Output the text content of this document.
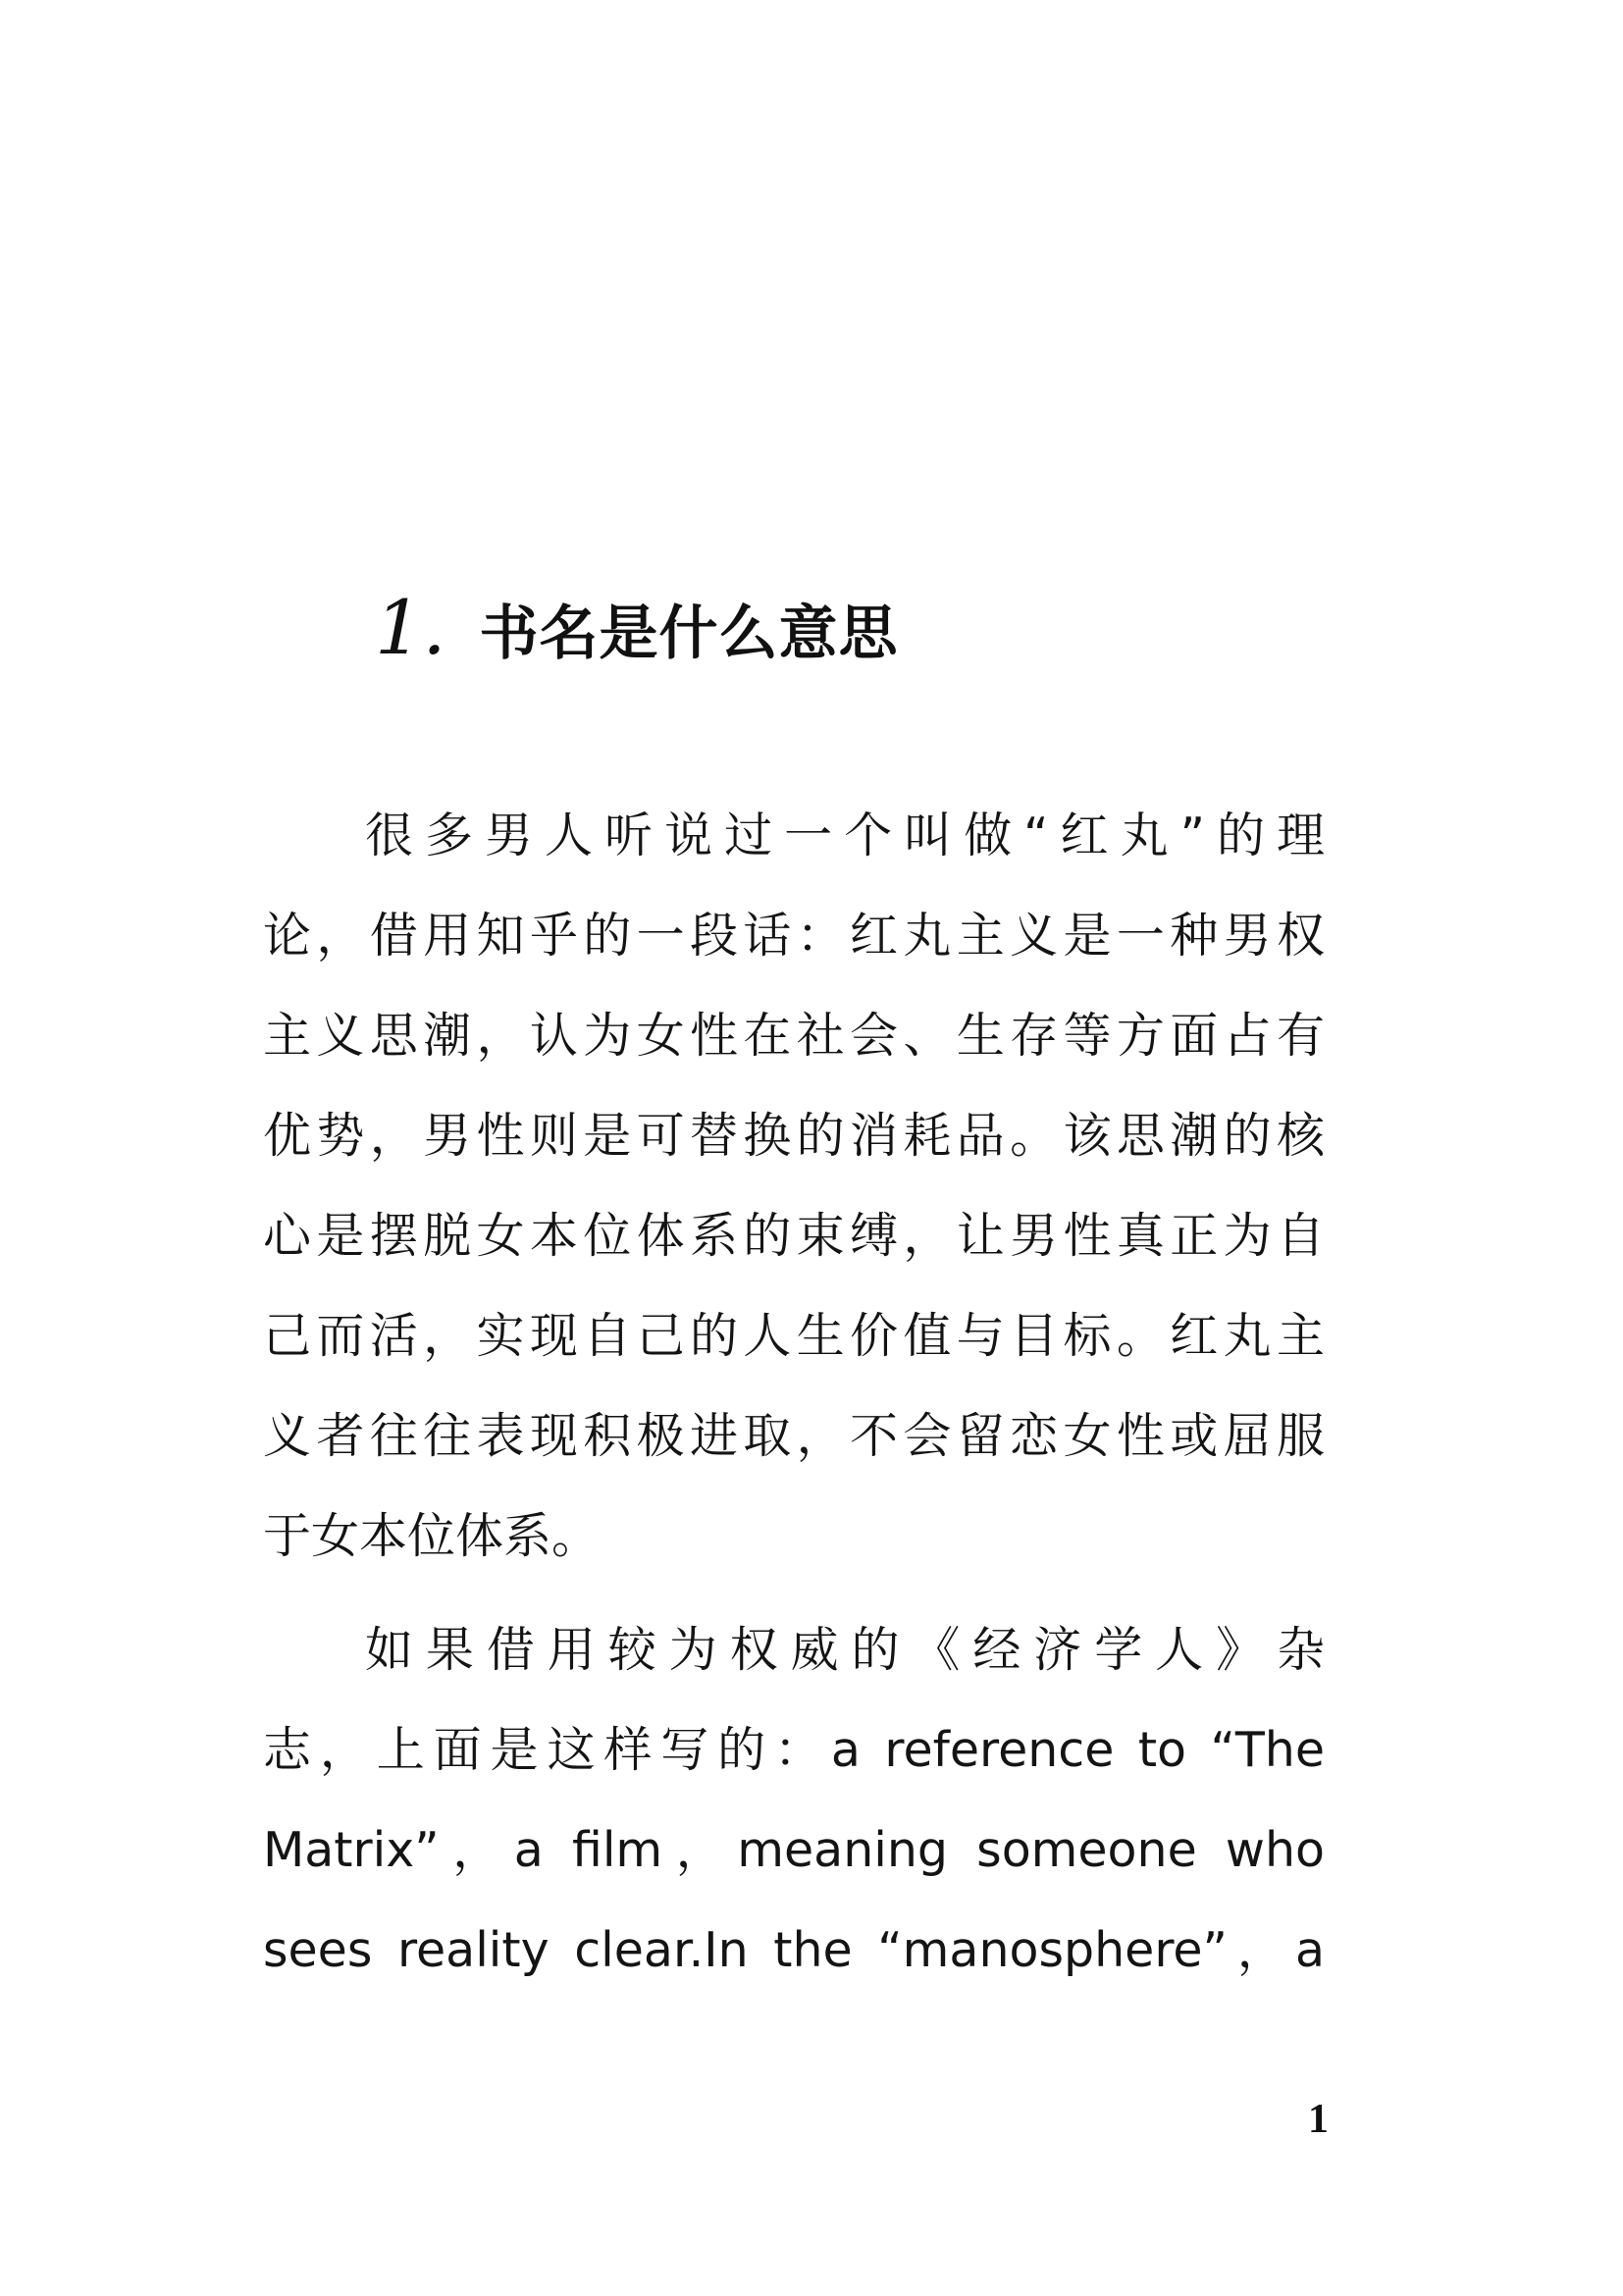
1. 书名是什么意思
很多男人听说过一个叫做“红丸”的理
论，借用知乎的一段话：红丸主义是一种男权
主义思潮，认为女性在社会、生存等方面占有
优势，男性则是可替换的消耗品。该思潮的核
心是摆脱女本位体系的束缚，让男性真正为自
己而活，实现自己的人生价值与目标。红丸主
义者往往表现积极进取，不会留恋女性或屈服
于女本位体系。
如果借用较为权威的《经济学人》杂
志，上面是这样写的：a reference to “The
Matrix”，a film，meaning someone who
sees reality clear.In the “manosphere”，a
1
